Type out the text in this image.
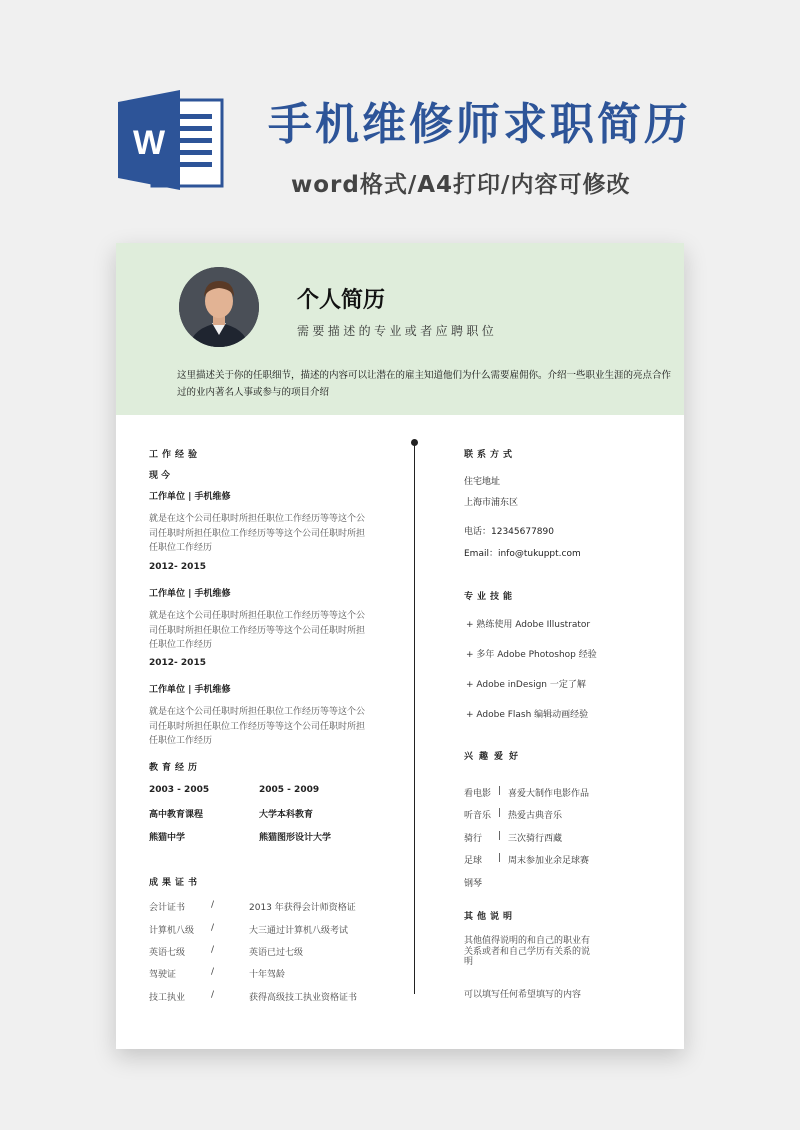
W 手机维修师求职简历
word格式/A4打印/内容可修改
个人简历
需要描述的专业或者应聘职位
这里描述关于你的任职细节，描述的内容可以让潜在的雇主知道他们为什么需要雇佣你。介绍一些职业生涯的亮点合作过的业内著名人事或参与的项目介绍
工作经验
现今
工作单位 | 手机维修
就是在这个公司任职时所担任职位工作经历等等这个公司任职时所担任职位工作经历等等这个公司任职时所担任职位工作经历
2012- 2015
工作单位 | 手机维修
就是在这个公司任职时所担任职位工作经历等等这个公司任职时所担任职位工作经历等等这个公司任职时所担任职位工作经历
2012- 2015
工作单位 | 手机维修
就是在这个公司任职时所担任职位工作经历等等这个公司任职时所担任职位工作经历等等这个公司任职时所担任职位工作经历
教育经历
2003 - 2005	2005 - 2009
高中教育课程	大学本科教育
熊猫中学	熊猫图形设计大学
成果证书
会计证书	/	2013 年获得会计师资格证
计算机八级 /	大三通过计算机八级考试
英语七级	/	英语已过七级
驾驶证	/	十年驾龄
技工执业	/	获得高级技工执业资格证书
联系方式
住宅地址
上海市浦东区
电话：12345677890
Email：info@tukuppt.com
专业技能
+ 熟练使用 Adobe Illustrator
+ 多年 Adobe Photoshop 经验
+ Adobe inDesign 一定了解
+ Adobe Flash 编辑动画经验
兴趣爱好
看电影 | 喜爱大制作电影作品
听音乐 | 热爱古典音乐
骑行 | 三次骑行西藏
足球 | 周末参加业余足球赛
钢琴
其他说明
其他值得说明的和自己的职业有关系或者和自己学历有关系的说明
可以填写任何希望填写的内容
